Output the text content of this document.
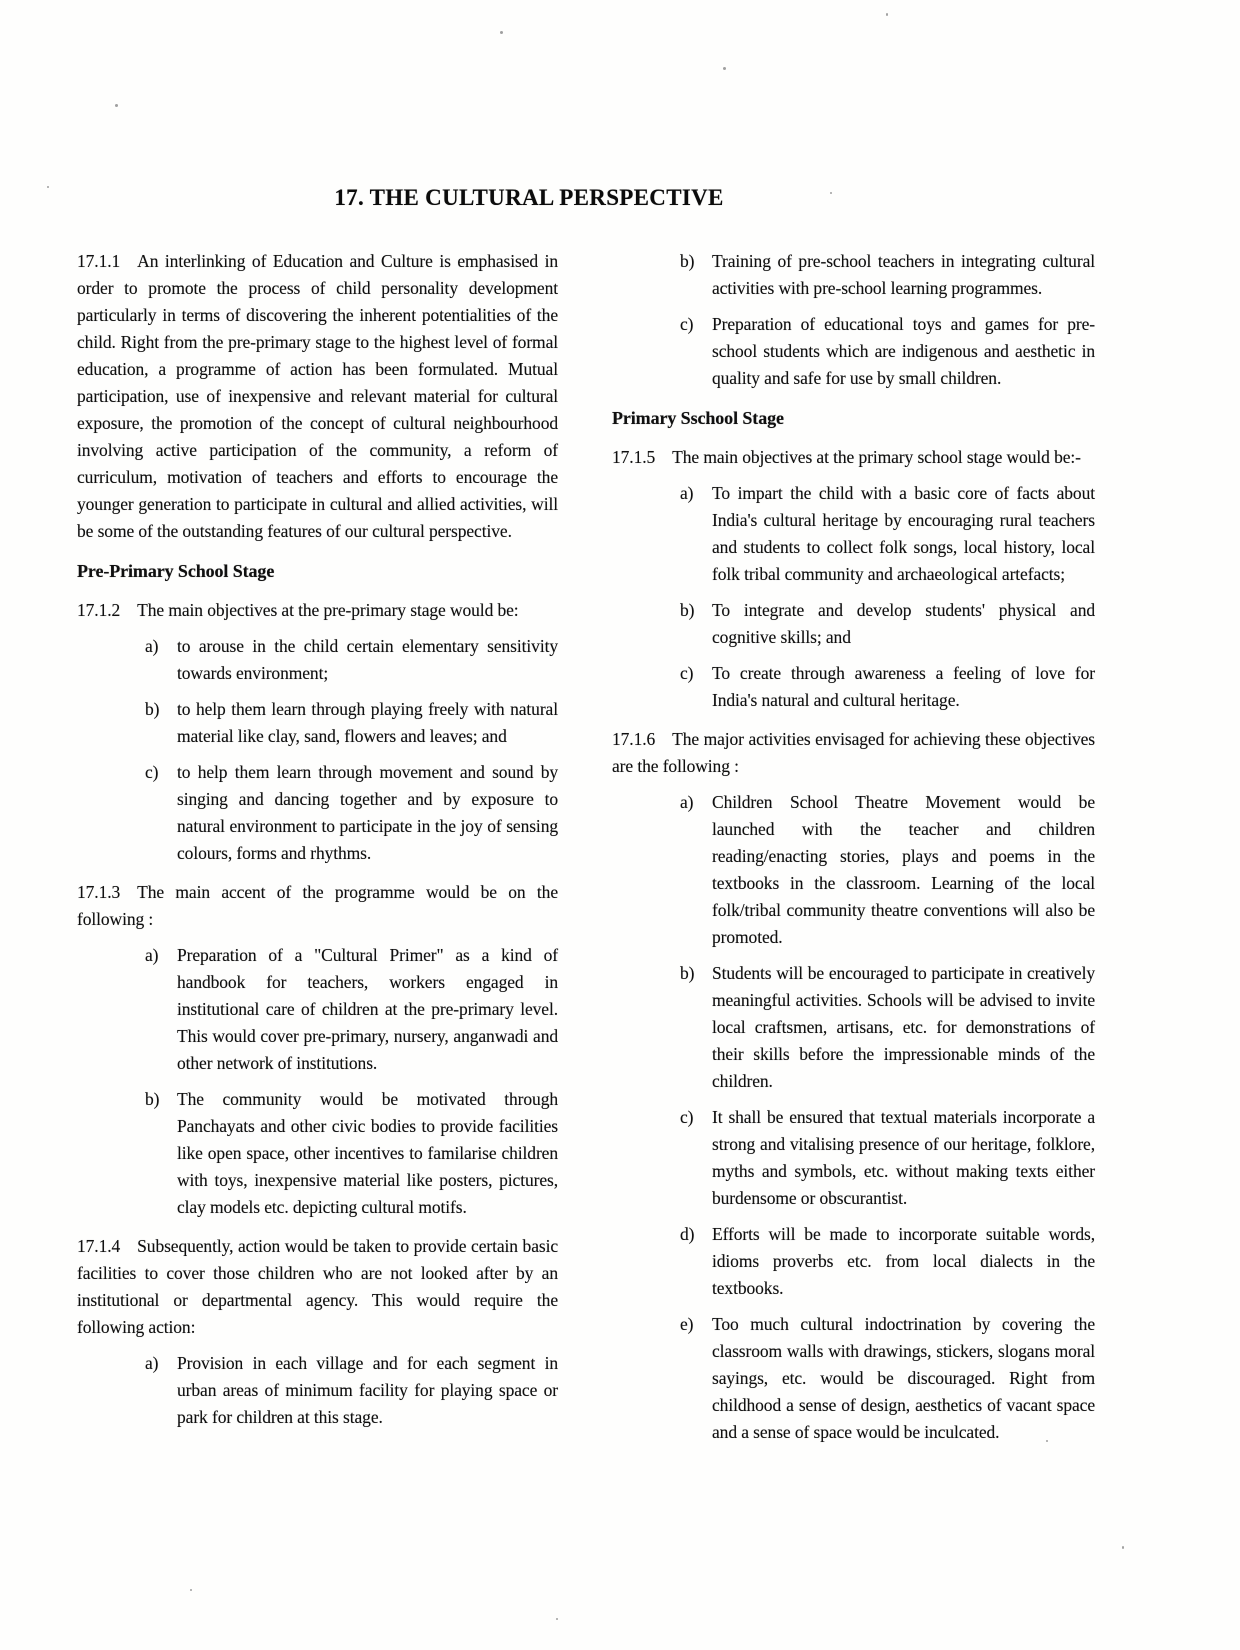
17. THE CULTURAL PERSPECTIVE
17.1.1 An interlinking of Education and Culture is emphasised in order to promote the process of child personality development particularly in terms of discovering the inherent potentialities of the child. Right from the pre-primary stage to the highest level of formal education, a programme of action has been formulated. Mutual participation, use of inexpensive and relevant material for cultural exposure, the promotion of the concept of cultural neighbourhood involving active participation of the community, a reform of curriculum, motivation of teachers and efforts to encourage the younger generation to participate in cultural and allied activities, will be some of the outstanding features of our cultural perspective.
Pre-Primary School Stage
17.1.2 The main objectives at the pre-primary stage would be:
a)	to arouse in the child certain elementary sensitivity towards environment;
b)	to help them learn through playing freely with natural material like clay, sand, flowers and leaves; and
c)	to help them learn through movement and sound by singing and dancing together and by exposure to natural environment to participate in the joy of sensing colours, forms and rhythms.
17.1.3 The main accent of the programme would be on the following :
a)	Preparation of a "Cultural Primer" as a kind of handbook for teachers, workers engaged in institutional care of children at the pre-primary level. This would cover pre-primary, nursery, anganwadi and other network of institutions.
b)	The community would be motivated through Panchayats and other civic bodies to provide facilities like open space, other incentives to familarise children with toys, inexpensive material like posters, pictures, clay models etc. depicting cultural motifs.
17.1.4 Subsequently, action would be taken to provide certain basic facilities to cover those children who are not looked after by an institutional or departmental agency. This would require the following action:
a)	Provision in each village and for each segment in urban areas of minimum facility for playing space or park for children at this stage.
b)	Training of pre-school teachers in integrating cultural activities with pre-school learning programmes.
c)	Preparation of educational toys and games for pre-school students which are indigenous and aesthetic in quality and safe for use by small children.
Primary Sschool Stage
17.1.5 The main objectives at the primary school stage would be:-
a)	To impart the child with a basic core of facts about India's cultural heritage by encouraging rural teachers and students to collect folk songs, local history, local folk tribal community and archaeological artefacts;
b)	To integrate and develop students' physical and cognitive skills; and
c)	To create through awareness a feeling of love for India's natural and cultural heritage.
17.1.6 The major activities envisaged for achieving these objectives are the following :
a)	Children School Theatre Movement would be launched with the teacher and children reading/enacting stories, plays and poems in the textbooks in the classroom. Learning of the local folk/tribal community theatre conventions will also be promoted.
b)	Students will be encouraged to participate in creatively meaningful activities. Schools will be advised to invite local craftsmen, artisans, etc. for demonstrations of their skills before the impressionable minds of the children.
c)	It shall be ensured that textual materials incorporate a strong and vitalising presence of our heritage, folklore, myths and symbols, etc. without making texts either burdensome or obscurantist.
d)	Efforts will be made to incorporate suitable words, idioms proverbs etc. from local dialects in the textbooks.
e)	Too much cultural indoctrination by covering the classroom walls with drawings, stickers, slogans moral sayings, etc. would be discouraged. Right from childhood a sense of design, aesthetics of vacant space and a sense of space would be inculcated.
